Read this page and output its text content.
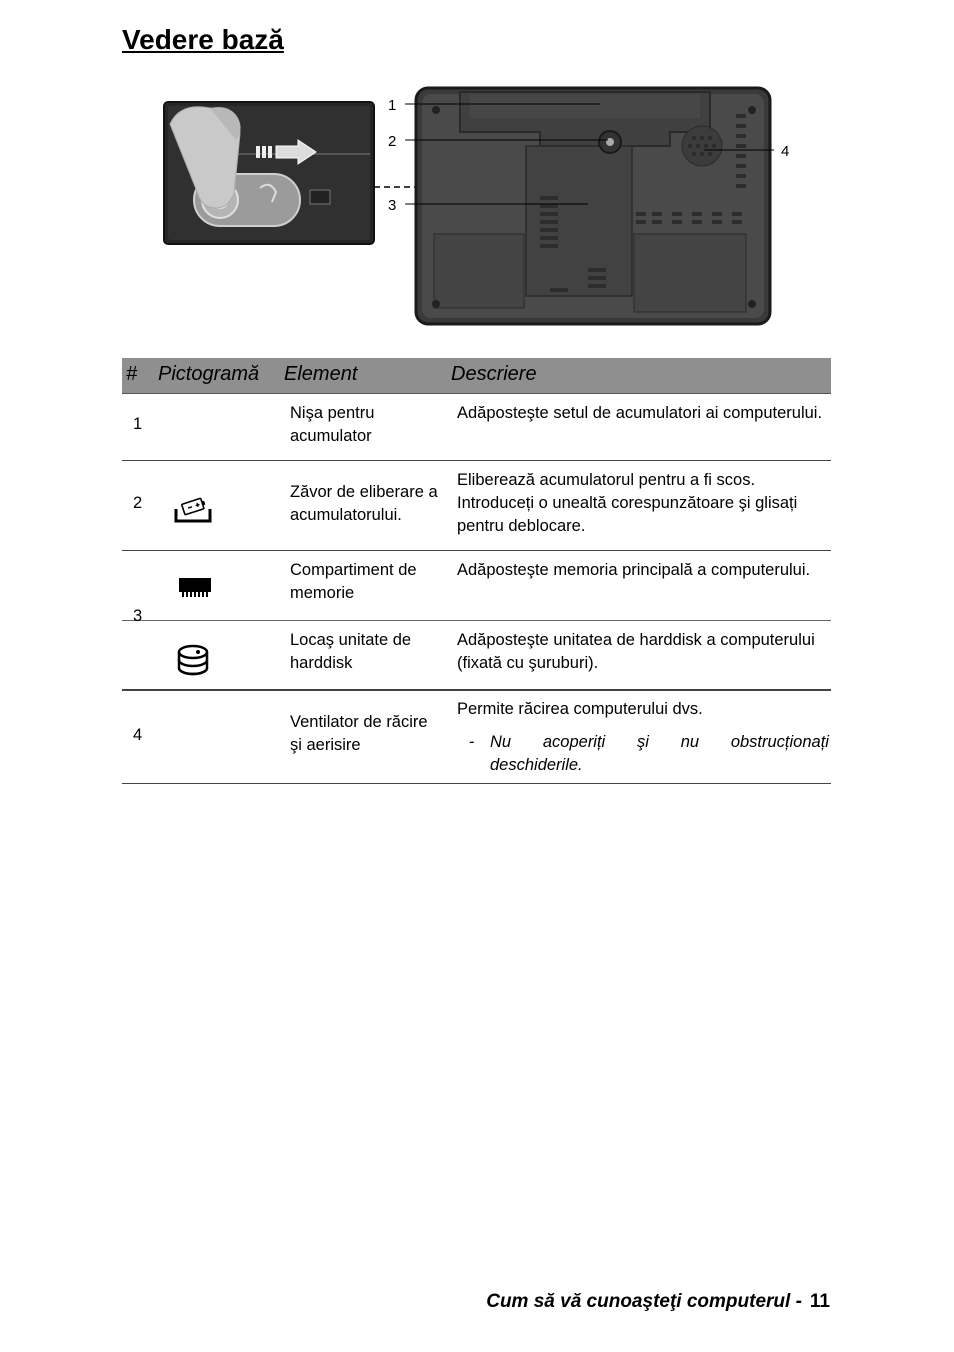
Vedere bază
1
2
3
4
# Pictogramă Element	Descriere
1
Nişa pentru acumulator
Adăposteşte setul de acumulatori ai computerului.
2
Zăvor de eliberare a acumulatorului.
Eliberează acumulatorul pentru a fi scos. Introduceți o unealtă corespunzătoare şi glisați pentru deblocare.
Compartiment de memorie
Adăposteşte memoria principală a computerului.
3
Locaş unitate de harddisk
Adăposteşte unitatea de harddisk a computerului (fixată cu şuruburi).
4
Ventilator de răcire şi aerisire
Permite răcirea computerului dvs.
- Nu acoperiți şi nu obstrucționați
deschiderile.
Cum să vă cunoaşteţi computerul - 11
